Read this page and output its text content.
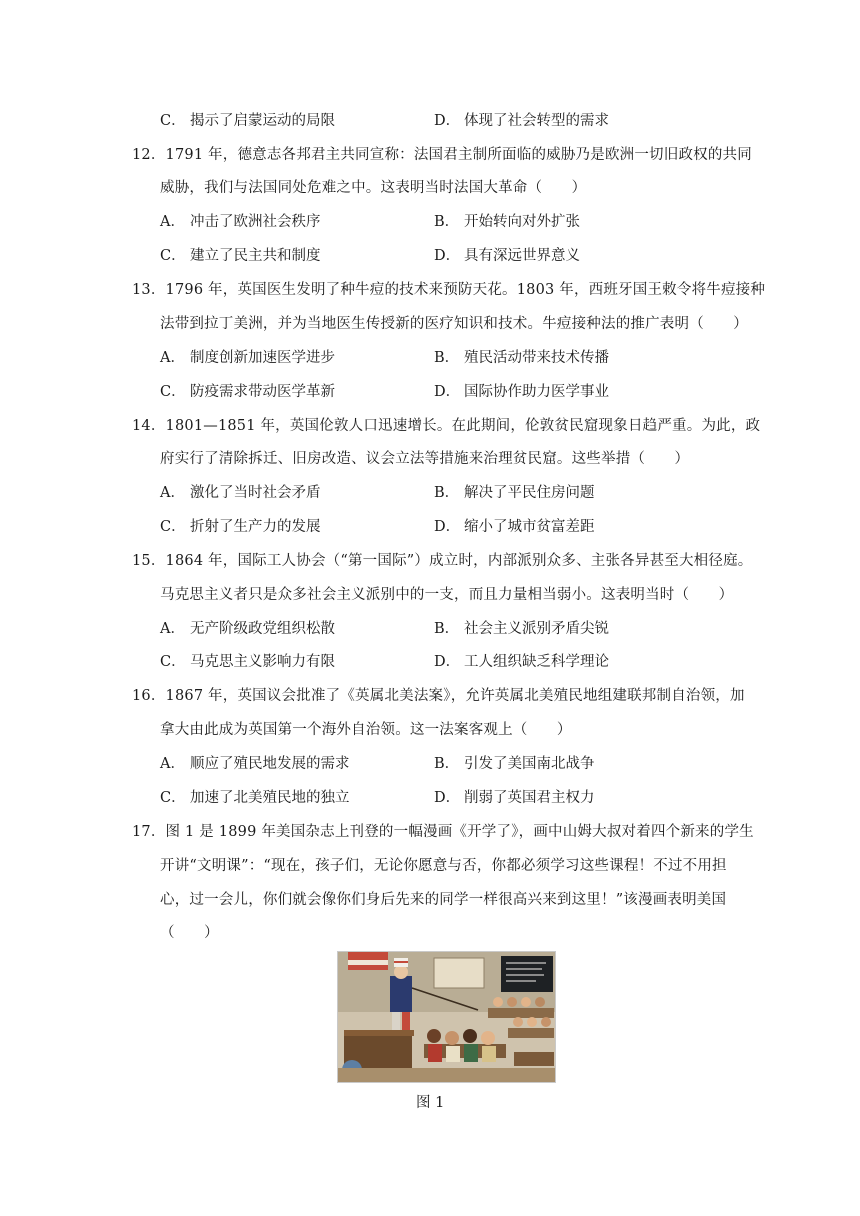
C． 揭示了启蒙运动的局限	D． 体现了社会转型的需求
12．1791 年，德意志各邦君主共同宣称：法国君主制所面临的威胁乃是欧洲一切旧政权的共同
威胁，我们与法国同处危难之中。这表明当时法国大革命（　　）
A． 冲击了欧洲社会秩序	B． 开始转向对外扩张
C． 建立了民主共和制度	D． 具有深远世界意义
13．1796 年，英国医生发明了种牛痘的技术来预防天花。1803 年，西班牙国王敕令将牛痘接种
法带到拉丁美洲，并为当地医生传授新的医疗知识和技术。牛痘接种法的推广表明（　　）
A． 制度创新加速医学进步	B． 殖民活动带来技术传播
C． 防疫需求带动医学革新	D． 国际协作助力医学事业
14．1801—1851 年，英国伦敦人口迅速增长。在此期间，伦敦贫民窟现象日趋严重。为此，政
府实行了清除拆迁、旧房改造、议会立法等措施来治理贫民窟。这些举措（　　）
A． 激化了当时社会矛盾	B． 解决了平民住房问题
C． 折射了生产力的发展	D． 缩小了城市贫富差距
15．1864 年，国际工人协会（“第一国际”）成立时，内部派别众多、主张各异甚至大相径庭。
马克思主义者只是众多社会主义派别中的一支，而且力量相当弱小。这表明当时（　　）
A． 无产阶级政党组织松散	B． 社会主义派别矛盾尖锐
C． 马克思主义影响力有限	D． 工人组织缺乏科学理论
16．1867 年，英国议会批准了《英属北美法案》，允许英属北美殖民地组建联邦制自治领，加
拿大由此成为英国第一个海外自治领。这一法案客观上（　　）
A． 顺应了殖民地发展的需求	B． 引发了美国南北战争
C． 加速了北美殖民地的独立	D． 削弱了英国君主权力
17．图 1 是 1899 年美国杂志上刊登的一幅漫画《开学了》，画中山姆大叔对着四个新来的学生
开讲“文明课”：“现在，孩子们，无论你愿意与否，你都必须学习这些课程！不过不用担
心，过一会儿，你们就会像你们身后先来的同学一样很高兴来到这里！”该漫画表明美国
（　　）
图 1
